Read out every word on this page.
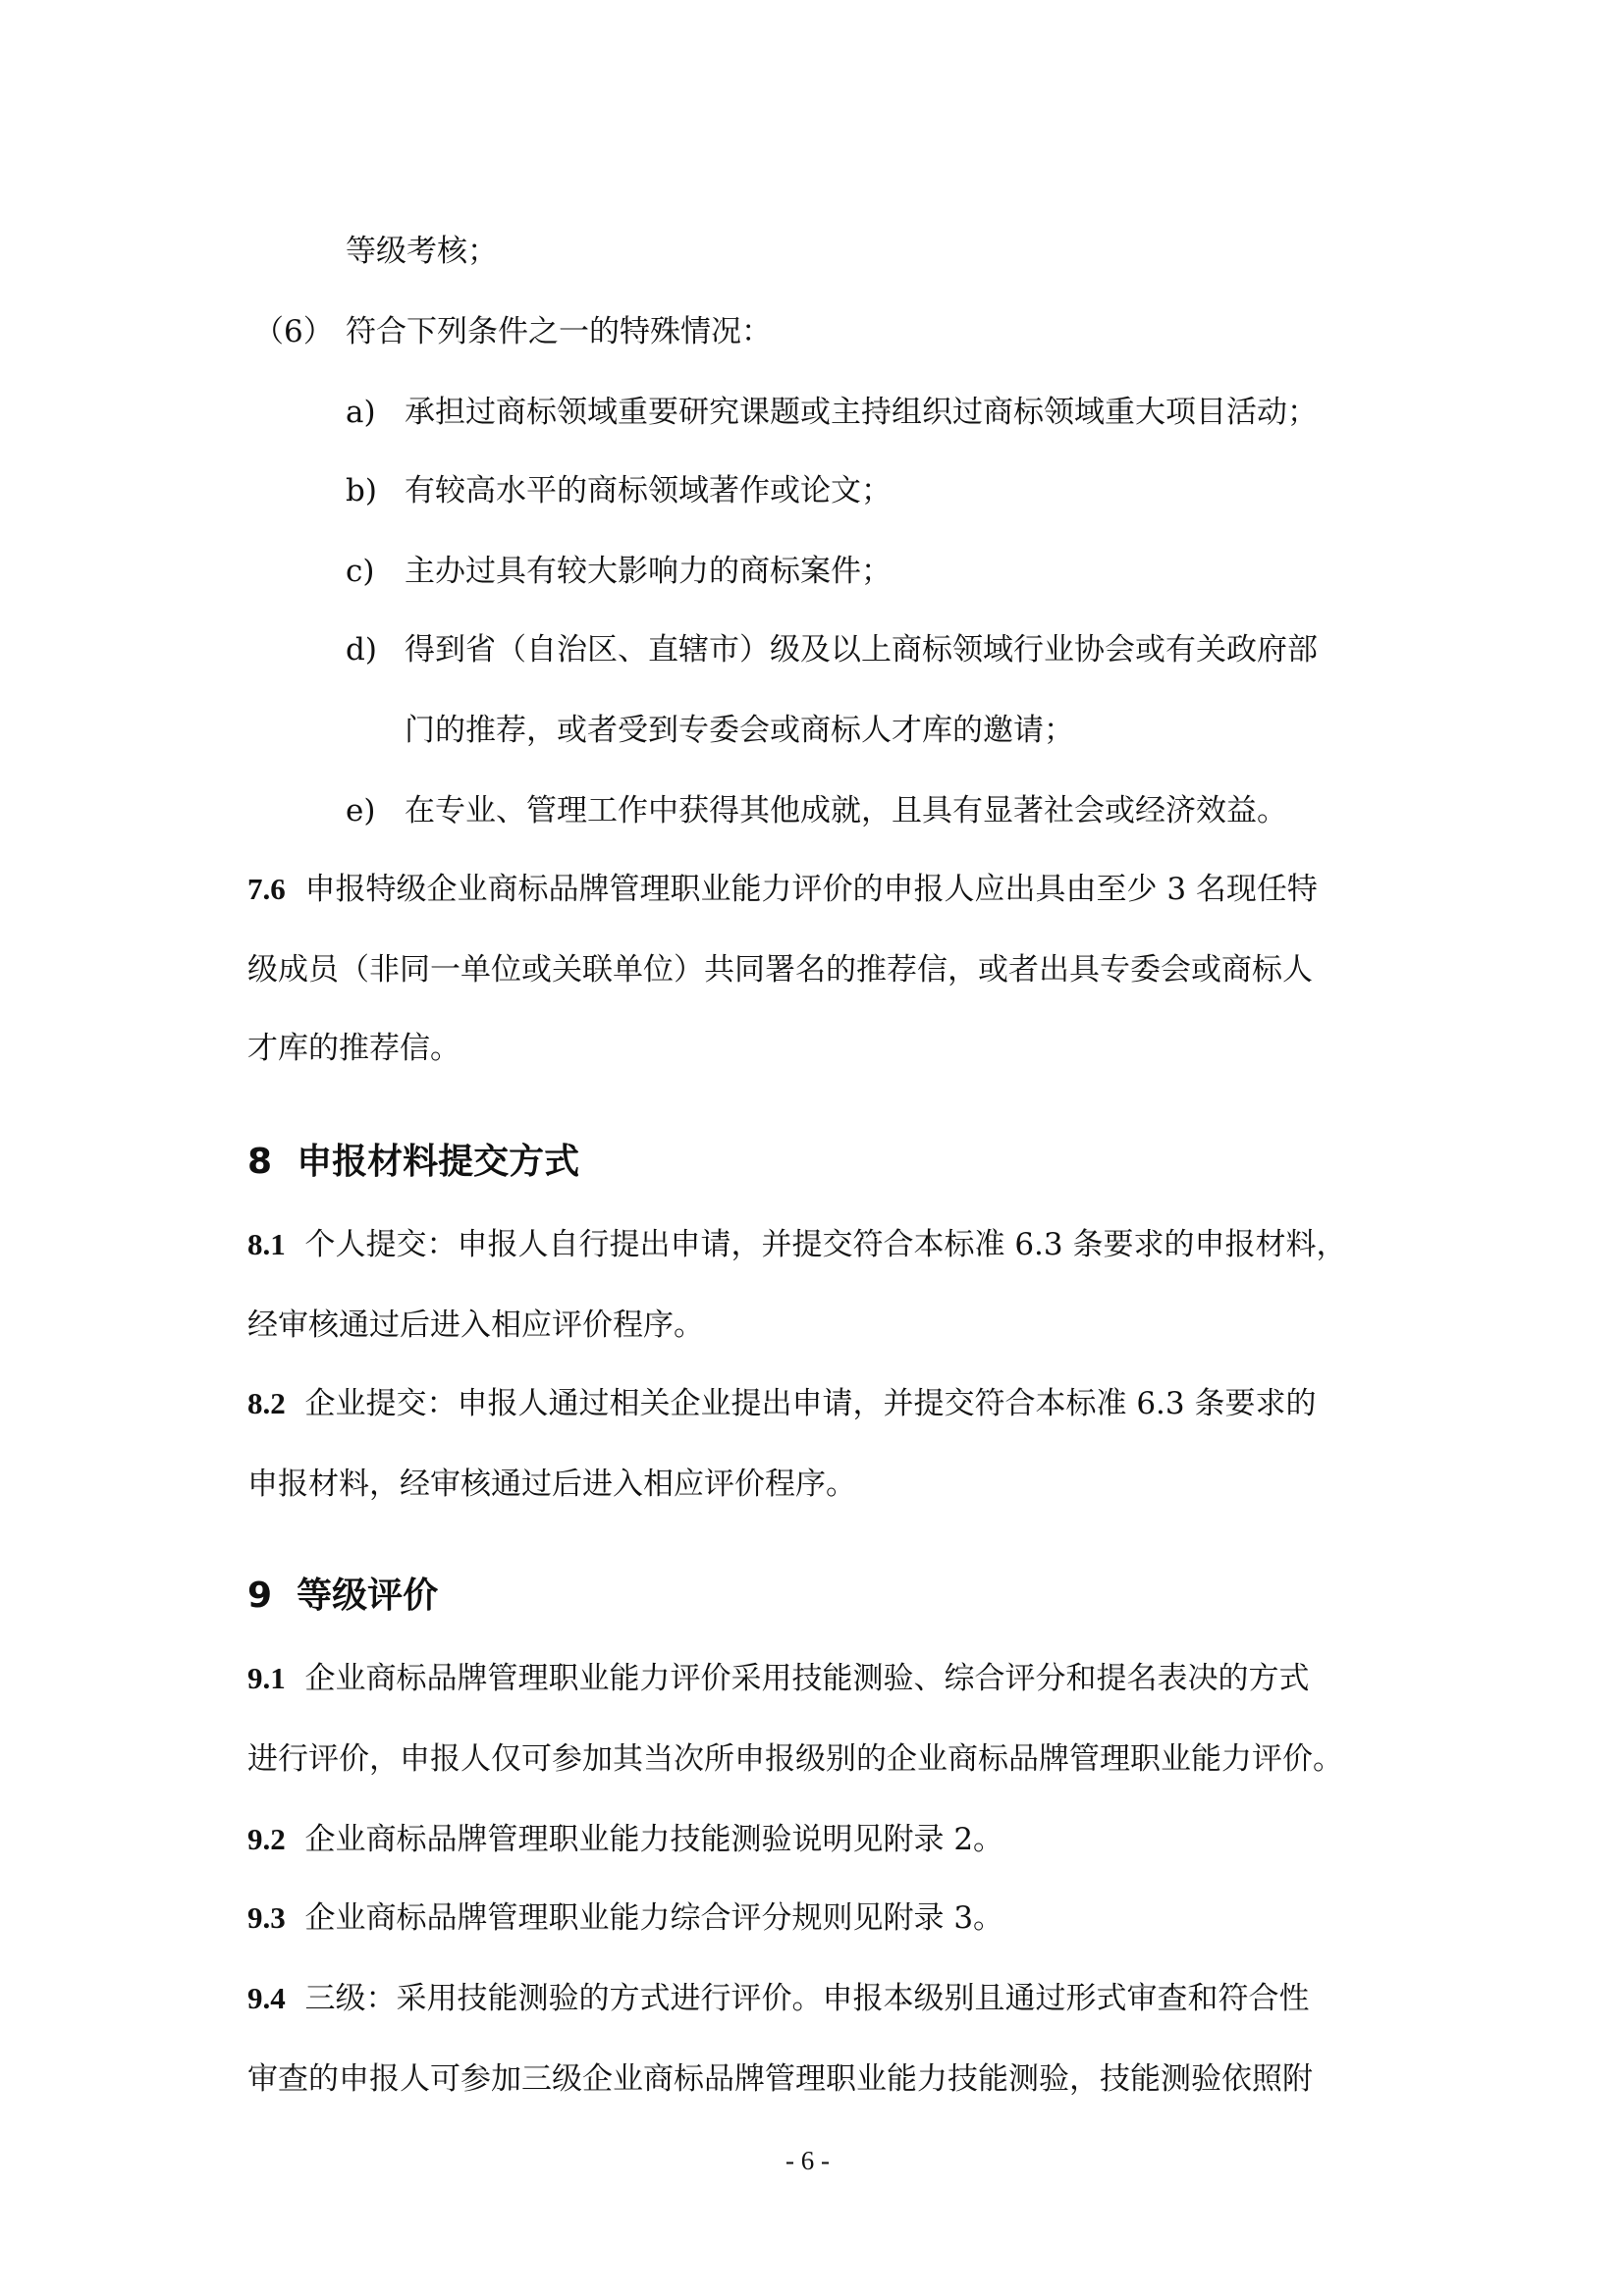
等级考核；
（6） 符合下列条件之一的特殊情况：
a) 承担过商标领域重要研究课题或主持组织过商标领域重大项目活动；
b) 有较高水平的商标领域著作或论文；
c) 主办过具有较大影响力的商标案件；
d) 得到省（自治区、直辖市）级及以上商标领域行业协会或有关政府部
门的推荐，或者受到专委会或商标人才库的邀请；
e) 在专业、管理工作中获得其他成就，且具有显著社会或经济效益。
7.6 申报特级企业商标品牌管理职业能力评价的申报人应出具由至少 3 名现任特
级成员（非同一单位或关联单位）共同署名的推荐信，或者出具专委会或商标人
才库的推荐信。
8 申报材料提交方式
8.1 个人提交：申报人自行提出申请，并提交符合本标准 6.3 条要求的申报材料，
经审核通过后进入相应评价程序。
8.2 企业提交：申报人通过相关企业提出申请，并提交符合本标准 6.3 条要求的
申报材料，经审核通过后进入相应评价程序。
9 等级评价
9.1 企业商标品牌管理职业能力评价采用技能测验、综合评分和提名表决的方式
进行评价，申报人仅可参加其当次所申报级别的企业商标品牌管理职业能力评价。
9.2 企业商标品牌管理职业能力技能测验说明见附录 2。
9.3 企业商标品牌管理职业能力综合评分规则见附录 3。
9.4 三级：采用技能测验的方式进行评价。申报本级别且通过形式审查和符合性
审查的申报人可参加三级企业商标品牌管理职业能力技能测验，技能测验依照附
- 6 -
